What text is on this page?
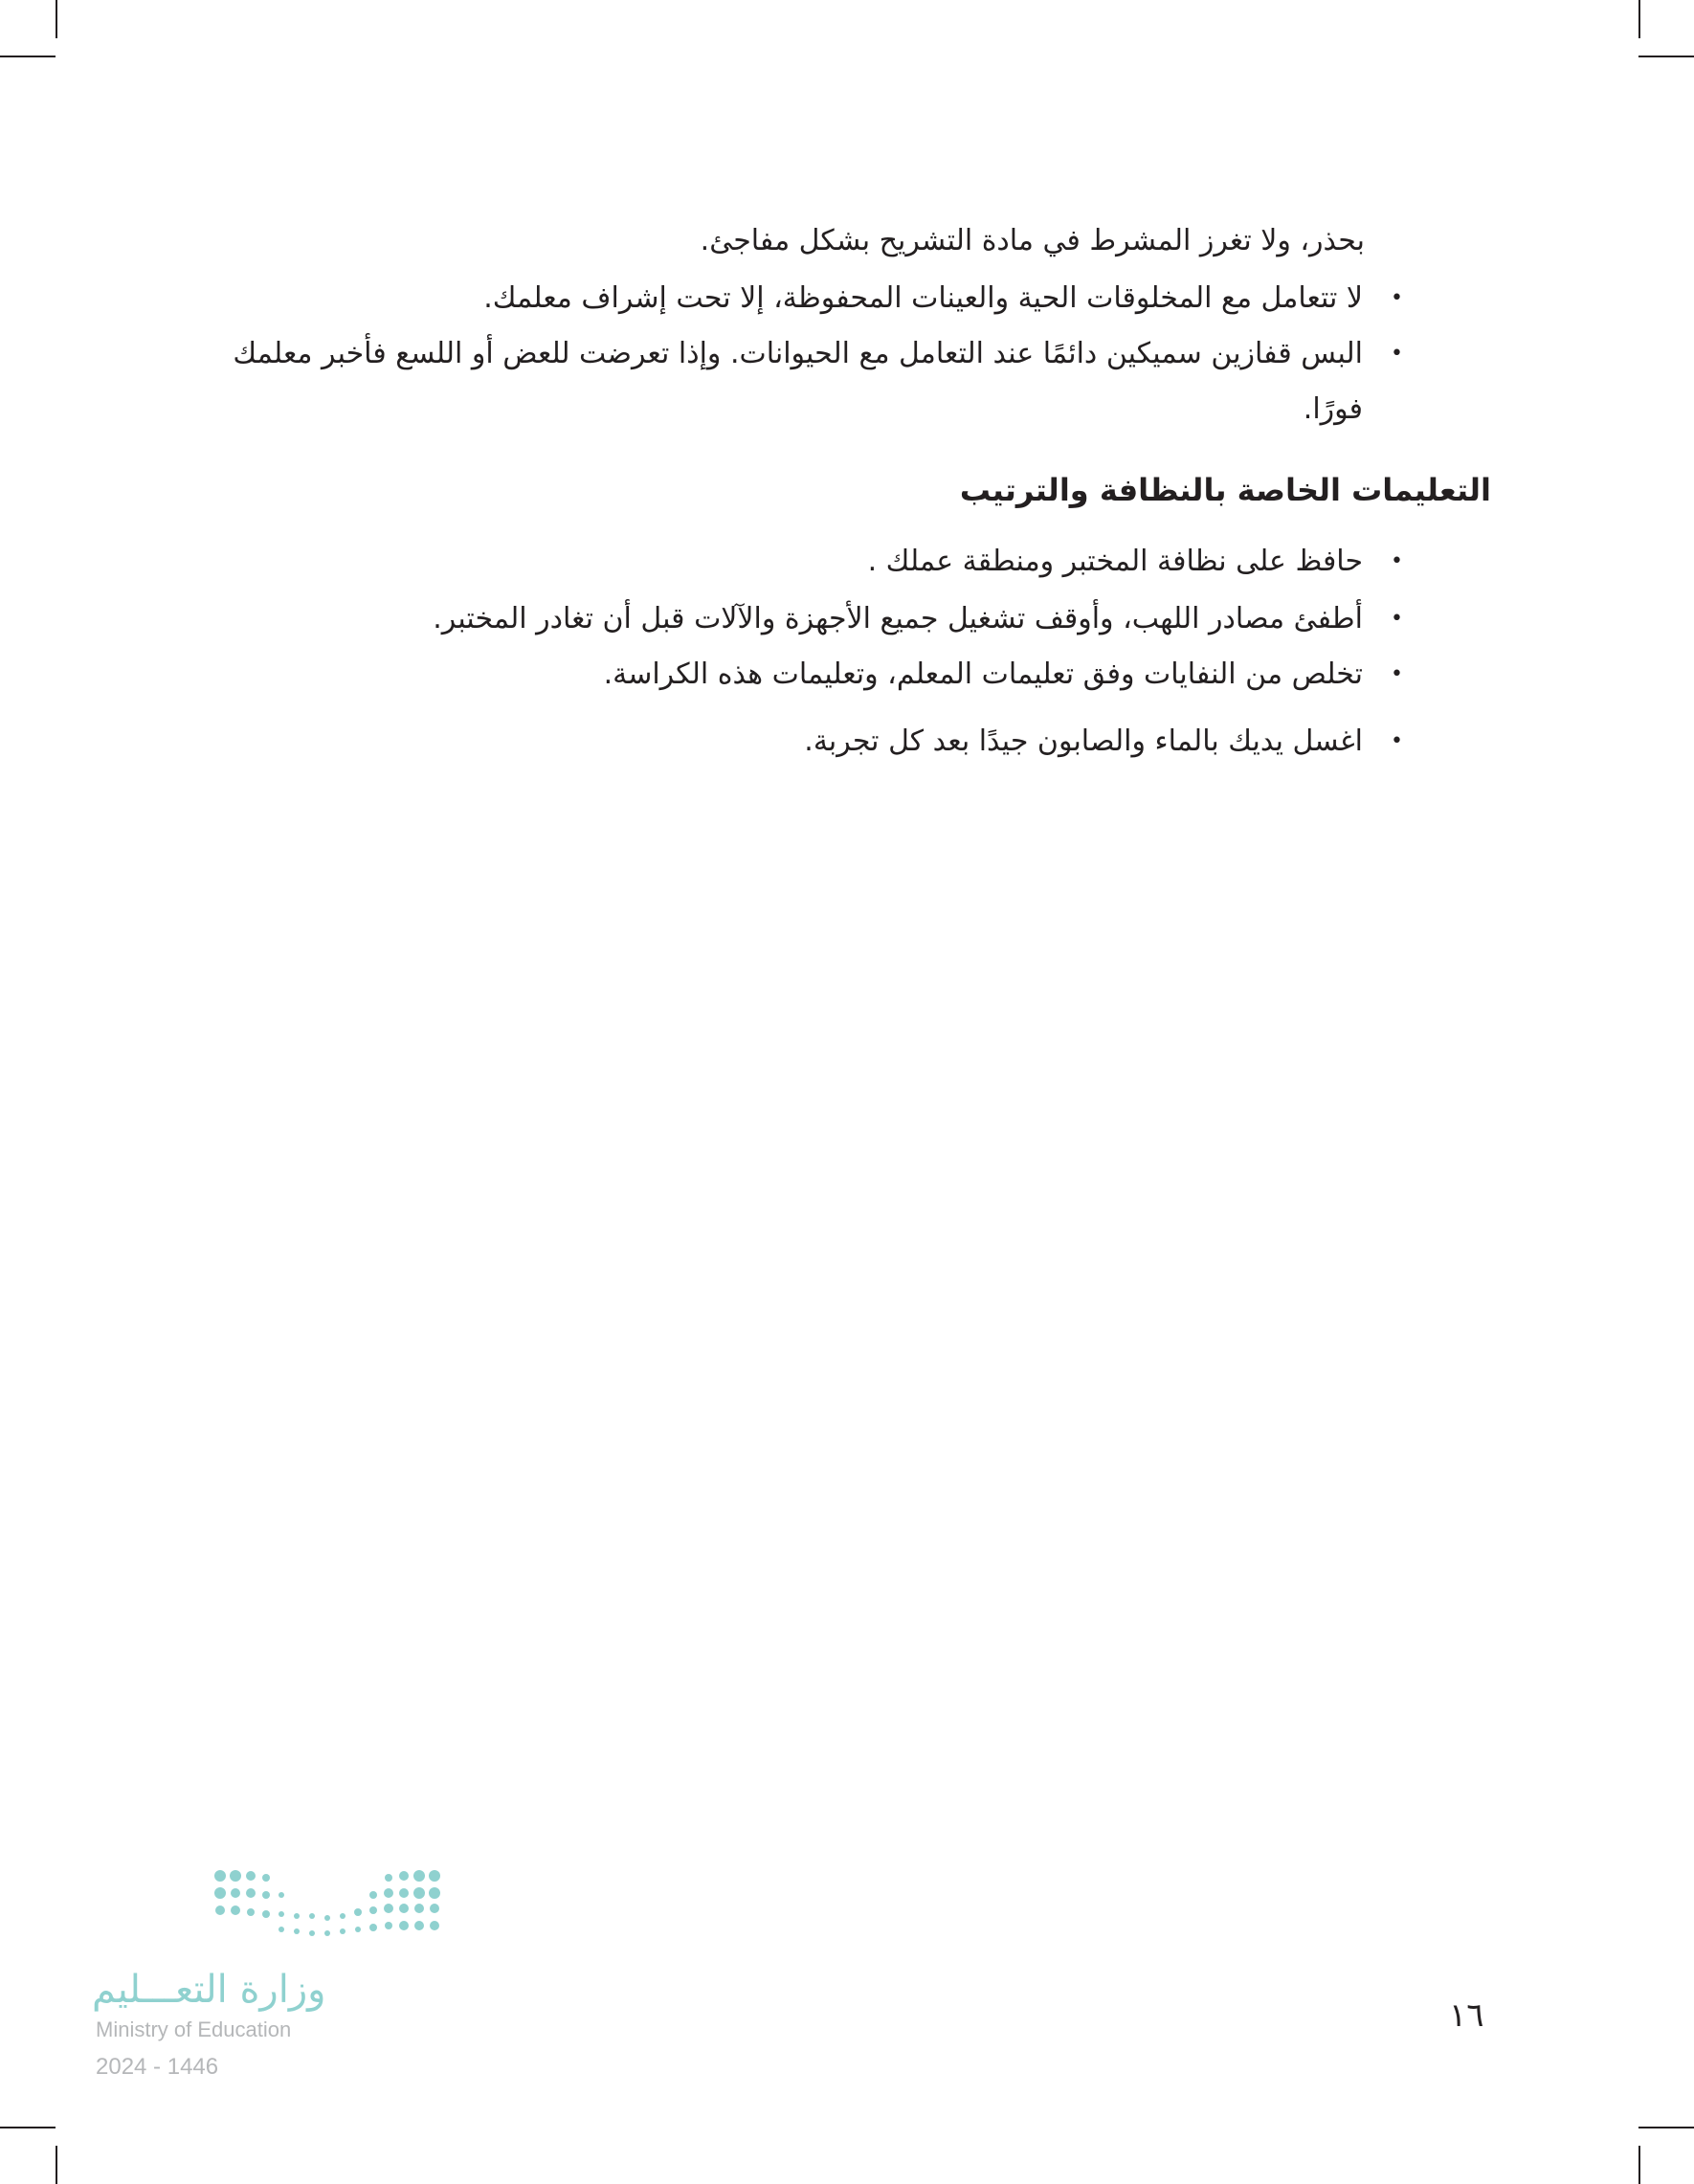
بحذر، ولا تغرز المشرط في مادة التشريح بشكل مفاجئ.
•
لا تتعامل مع المخلوقات الحية والعينات المحفوظة، إلا تحت إشراف معلمك.
•
البس قفازين سميكين دائمًا عند التعامل مع الحيوانات. وإذا تعرضت للعض أو اللسع فأخبر معلمك فورًا.
التعليمات الخاصة بالنظافة والترتيب
•
حافظ على نظافة المختبر ومنطقة عملك .
•
أطفئ مصادر اللهب، وأوقف تشغيل جميع الأجهزة والآلات قبل أن تغادر المختبر.
•
تخلص من النفايات وفق تعليمات المعلم، وتعليمات هذه الكراسة.
•
اغسل يديك بالماء والصابون جيدًا بعد كل تجربة.
وزارة التعـــليم
Ministry of Education
2024 - 1446
١٦
